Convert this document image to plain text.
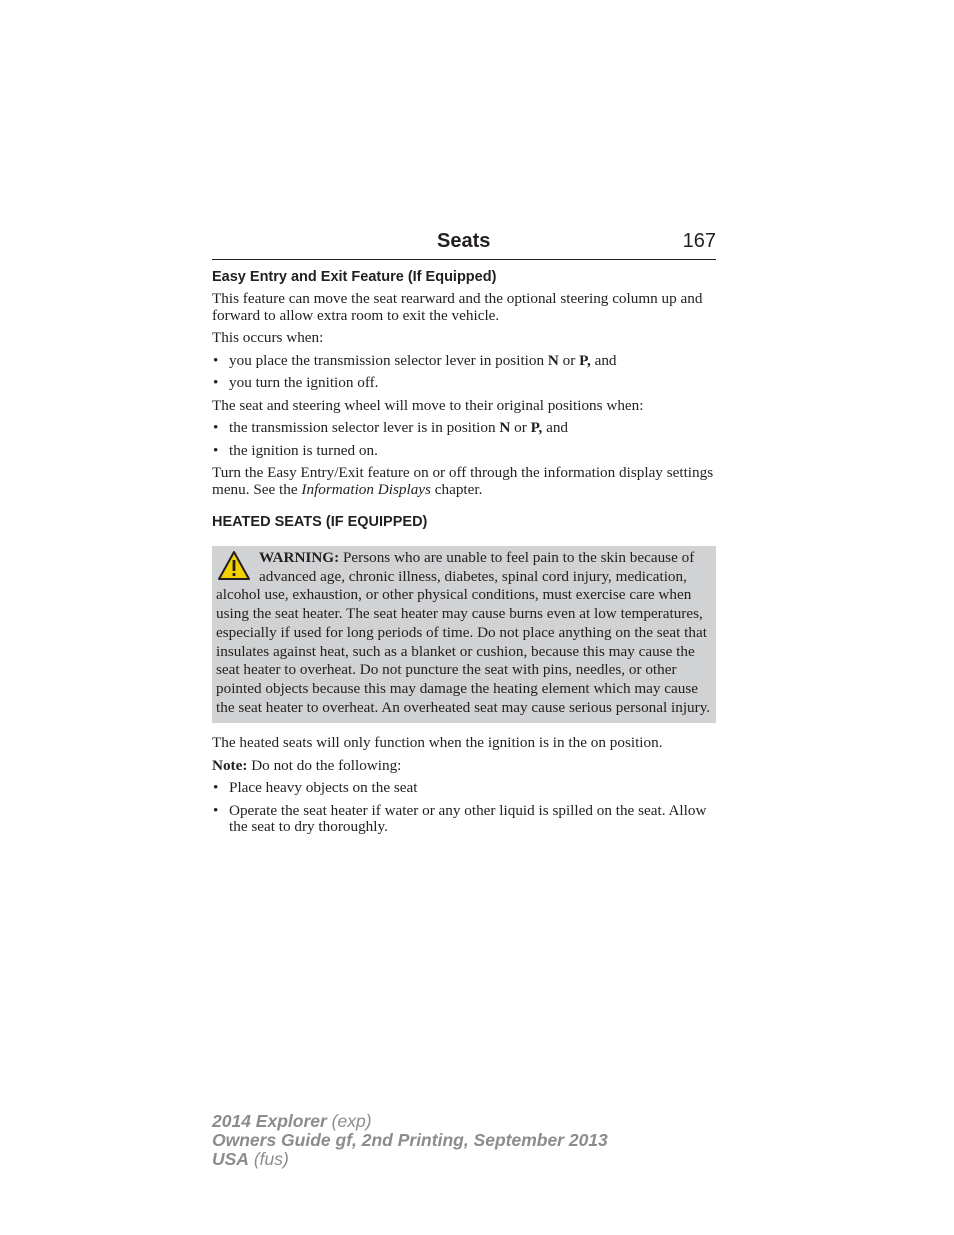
Seats	167
Easy Entry and Exit Feature (If Equipped)

This feature can move the seat rearward and the optional steering column up and forward to allow extra room to exit the vehicle.

This occurs when:

• you place the transmission selector lever in position N or P, and
• you turn the ignition off.

The seat and steering wheel will move to their original positions when:

• the transmission selector lever is in position N or P, and
• the ignition is turned on.

Turn the Easy Entry/Exit feature on or off through the information display settings menu. See the Information Displays chapter.

HEATED SEATS (IF EQUIPPED)
WARNING: Persons who are unable to feel pain to the skin because of advanced age, chronic illness, diabetes, spinal cord injury, medication, alcohol use, exhaustion, or other physical conditions, must exercise care when using the seat heater. The seat heater may cause burns even at low temperatures, especially if used for long periods of time. Do not place anything on the seat that insulates against heat, such as a blanket or cushion, because this may cause the seat heater to overheat. Do not puncture the seat with pins, needles, or other pointed objects because this may damage the heating element which may cause the seat heater to overheat. An overheated seat may cause serious personal injury.

The heated seats will only function when the ignition is in the on position.

Note: Do not do the following:

• Place heavy objects on the seat
• Operate the seat heater if water or any other liquid is spilled on the seat. Allow the seat to dry thoroughly.
2014 Explorer (exp)
Owners Guide gf, 2nd Printing, September 2013
USA (fus)
